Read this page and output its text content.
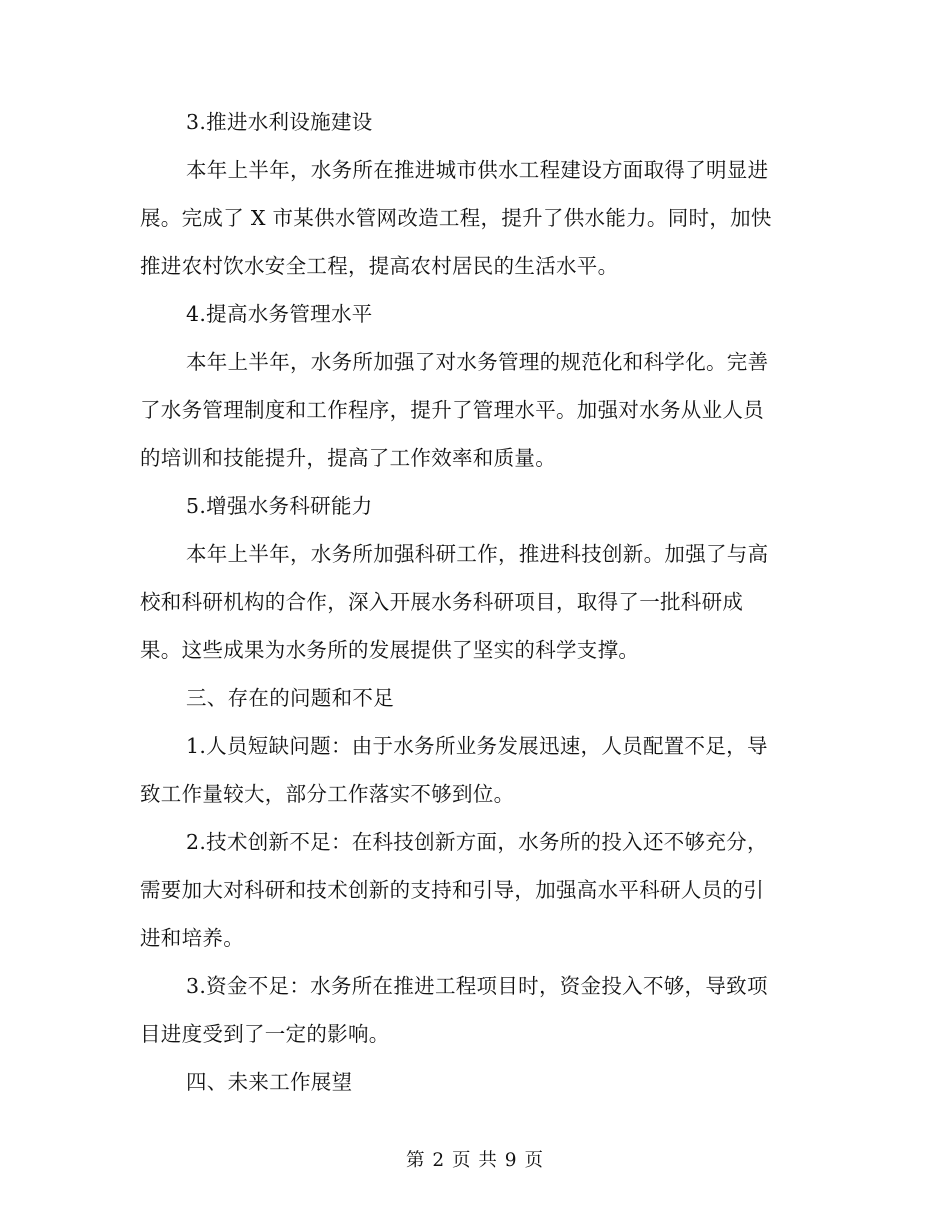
3.推进水利设施建设
本年上半年，水务所在推进城市供水工程建设方面取得了明显进
展。完成了 X 市某供水管网改造工程，提升了供水能力。同时，加快
推进农村饮水安全工程，提高农村居民的生活水平。
4.提高水务管理水平
本年上半年，水务所加强了对水务管理的规范化和科学化。完善
了水务管理制度和工作程序，提升了管理水平。加强对水务从业人员
的培训和技能提升，提高了工作效率和质量。
5.增强水务科研能力
本年上半年，水务所加强科研工作，推进科技创新。加强了与高
校和科研机构的合作，深入开展水务科研项目，取得了一批科研成
果。这些成果为水务所的发展提供了坚实的科学支撑。
三、存在的问题和不足
1.人员短缺问题：由于水务所业务发展迅速，人员配置不足，导
致工作量较大，部分工作落实不够到位。
2.技术创新不足：在科技创新方面，水务所的投入还不够充分，
需要加大对科研和技术创新的支持和引导，加强高水平科研人员的引
进和培养。
3.资金不足：水务所在推进工程项目时，资金投入不够，导致项
目进度受到了一定的影响。
四、未来工作展望
第 2 页 共 9 页
